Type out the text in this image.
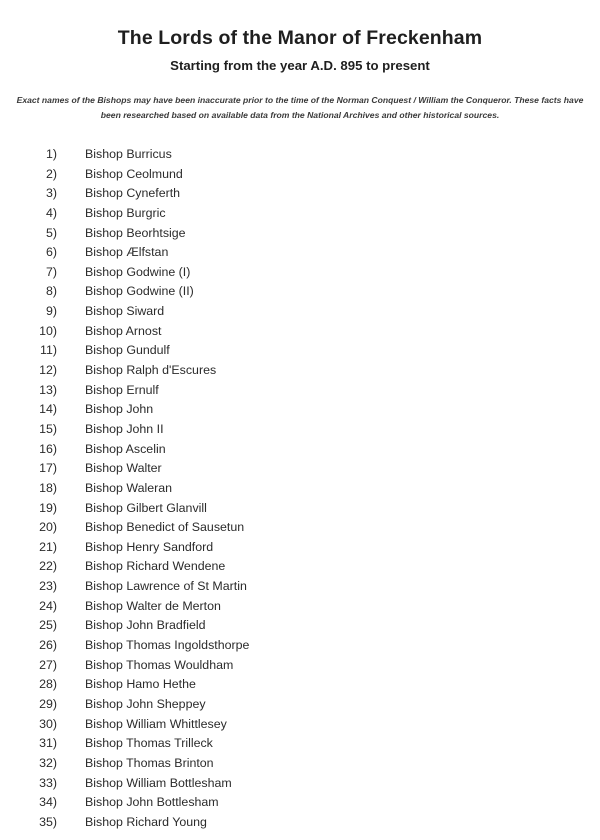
The Lords of the Manor of Freckenham
Starting from the year A.D. 895 to present

Exact names of the Bishops may have been inaccurate prior to the time of the Norman Conquest / William the Conqueror. These facts have been researched based on available data from the National Archives and other historical sources.

1) Bishop Burricus
2) Bishop Ceolmund
3) Bishop Cyneferth
4) Bishop Burgric
5) Bishop Beorhtsige
6) Bishop Ælfstan
7) Bishop Godwine (I)
8) Bishop Godwine (II)
9) Bishop Siward
10) Bishop Arnost
11) Bishop Gundulf
12) Bishop Ralph d'Escures
13) Bishop Ernulf
14) Bishop John
15) Bishop John II
16) Bishop Ascelin
17) Bishop Walter
18) Bishop Waleran
19) Bishop Gilbert Glanvill
20) Bishop Benedict of Sausetun
21) Bishop Henry Sandford
22) Bishop Richard Wendene
23) Bishop Lawrence of St Martin
24) Bishop Walter de Merton
25) Bishop John Bradfield
26) Bishop Thomas Ingoldsthorpe
27) Bishop Thomas Wouldham
28) Bishop Hamo Hethe
29) Bishop John Sheppey
30) Bishop William Whittlesey
31) Bishop Thomas Trilleck
32) Bishop Thomas Brinton
33) Bishop William Bottlesham
34) Bishop John Bottlesham
35) Bishop Richard Young
